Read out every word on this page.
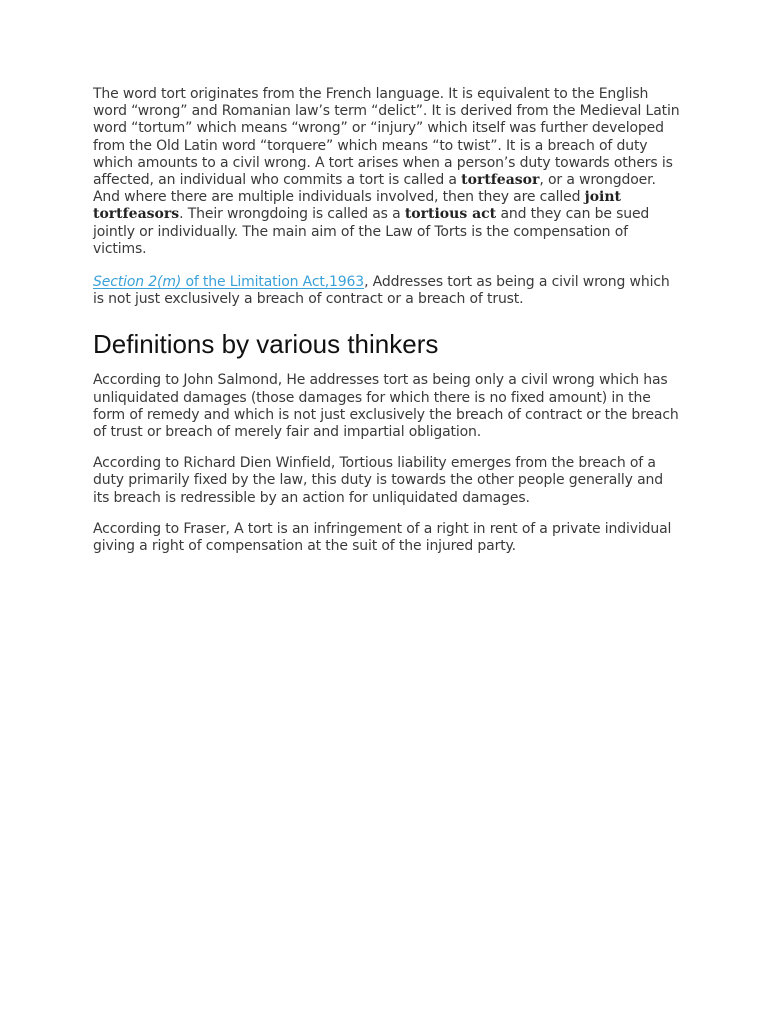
The word tort originates from the French language. It is equivalent to the English word “wrong” and Romanian law’s term “delict”. It is derived from the Medieval Latin word “tortum” which means “wrong” or “injury” which itself was further developed from the Old Latin word “torquere” which means “to twist”. It is a breach of duty which amounts to a civil wrong. A tort arises when a person’s duty towards others is affected, an individual who commits a tort is called a tortfeasor, or a wrongdoer. And where there are multiple individuals involved, then they are called joint tortfeasors. Their wrongdoing is called as a tortious act and they can be sued jointly or individually. The main aim of the Law of Torts is the compensation of victims.

Section 2(m) of the Limitation Act,1963, Addresses tort as being a civil wrong which is not just exclusively a breach of contract or a breach of trust.

Definitions by various thinkers

According to John Salmond, He addresses tort as being only a civil wrong which has unliquidated damages (those damages for which there is no fixed amount) in the form of remedy and which is not just exclusively the breach of contract or the breach of trust or breach of merely fair and impartial obligation.

According to Richard Dien Winfield, Tortious liability emerges from the breach of a duty primarily fixed by the law, this duty is towards the other people generally and its breach is redressible by an action for unliquidated damages.

According to Fraser, A tort is an infringement of a right in rent of a private individual giving a right of compensation at the suit of the injured party.
